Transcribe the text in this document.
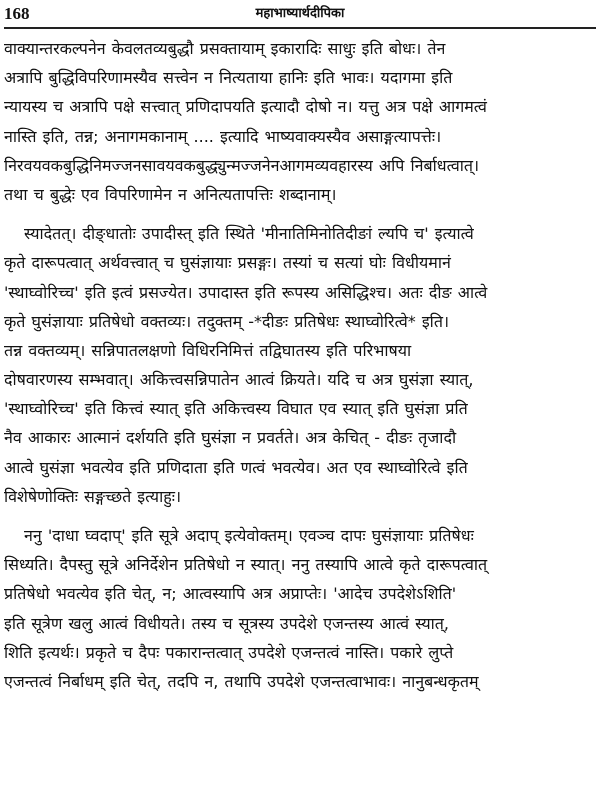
168	महाभाष्यार्थदीपिका
वाक्यान्तरकल्पनेन केवलतव्यबुद्धौ प्रसक्तायाम् इकारादिः साधुः इति बोधः। तेन
अत्रापि बुद्धिविपरिणामस्यैव सत्त्वेन न नित्यताया हानिः इति भावः। यदागमा इति
न्यायस्य च अत्रापि पक्षे सत्त्वात् प्रणिदापयति इत्यादौ दोषो न। यत्तु अत्र पक्षे आगमत्वं
नास्ति इति, तन्न; अनागमकानाम् .... इत्यादि भाष्यवाक्यस्यैव असाङ्गत्यापत्तेः।
निरवयवकबुद्धिनिमज्जनसावयवकबुद्ध्युन्मज्जनेनआगमव्यवहारस्य अपि निर्बाधत्वात्।
तथा च बुद्धेः एव विपरिणामेन न अनित्यतापत्तिः शब्दानाम्।
स्यादेतत्। दीङ्धातोः उपादीस्त् इति स्थिते 'मीनातिमिनोतिदीङां ल्यपि च' इत्यात्वे
कृते दारूपत्वात् अर्थवत्त्वात् च घुसंज्ञायाः प्रसङ्गः। तस्यां च सत्यां घोः विधीयमानं
'स्थाघ्वोरिच्च' इति इत्वं प्रसज्येत। उपादास्त इति रूपस्य असिद्धिश्च। अतः दीङ आत्वे
कृते घुसंज्ञायाः प्रतिषेधो वक्तव्यः। तदुक्तम् -*दीङः प्रतिषेधः स्थाघ्वोरित्वे* इति।
तन्न वक्तव्यम्। सन्निपातलक्षणो विधिरनिमित्तं तद्विघातस्य इति परिभाषया
दोषवारणस्य सम्भवात्। अकित्त्वसन्निपातेन आत्वं क्रियते। यदि च अत्र घुसंज्ञा स्यात्,
'स्थाघ्वोरिच्च' इति कित्त्वं स्यात् इति अकित्त्वस्य विघात एव स्यात् इति घुसंज्ञा प्रति
नैव आकारः आत्मानं दर्शयति इति घुसंज्ञा न प्रवर्तते। अत्र केचित् - दीङः तृजादौ
आत्वे घुसंज्ञा भवत्येव इति प्रणिदाता इति णत्वं भवत्येव। अत एव स्थाघ्वोरित्वे इति
विशेषेणोक्तिः सङ्गच्छते इत्याहुः।
ननु 'दाधा घ्वदाप्' इति सूत्रे अदाप् इत्येवोक्तम्। एवञ्च दापः घुसंज्ञायाः प्रतिषेधः
सिध्यति। दैपस्तु सूत्रे अनिर्देशेन प्रतिषेधो न स्यात्। ननु तस्यापि आत्वे कृते दारूपत्वात्
प्रतिषेधो भवत्येव इति चेत्, न; आत्वस्यापि अत्र अप्राप्तेः। 'आदेच उपदेशेऽशिति'
इति सूत्रेण खलु आत्वं विधीयते। तस्य च सूत्रस्य उपदेशे एजन्तस्य आत्वं स्यात्,
शिति इत्यर्थः। प्रकृते च दैपः पकारान्तत्वात् उपदेशे एजन्तत्वं नास्ति। पकारे लुप्ते
एजन्तत्वं निर्बाधम् इति चेत्, तदपि न, तथापि उपदेशे एजन्तत्वाभावः। नानुबन्धकृतम्
